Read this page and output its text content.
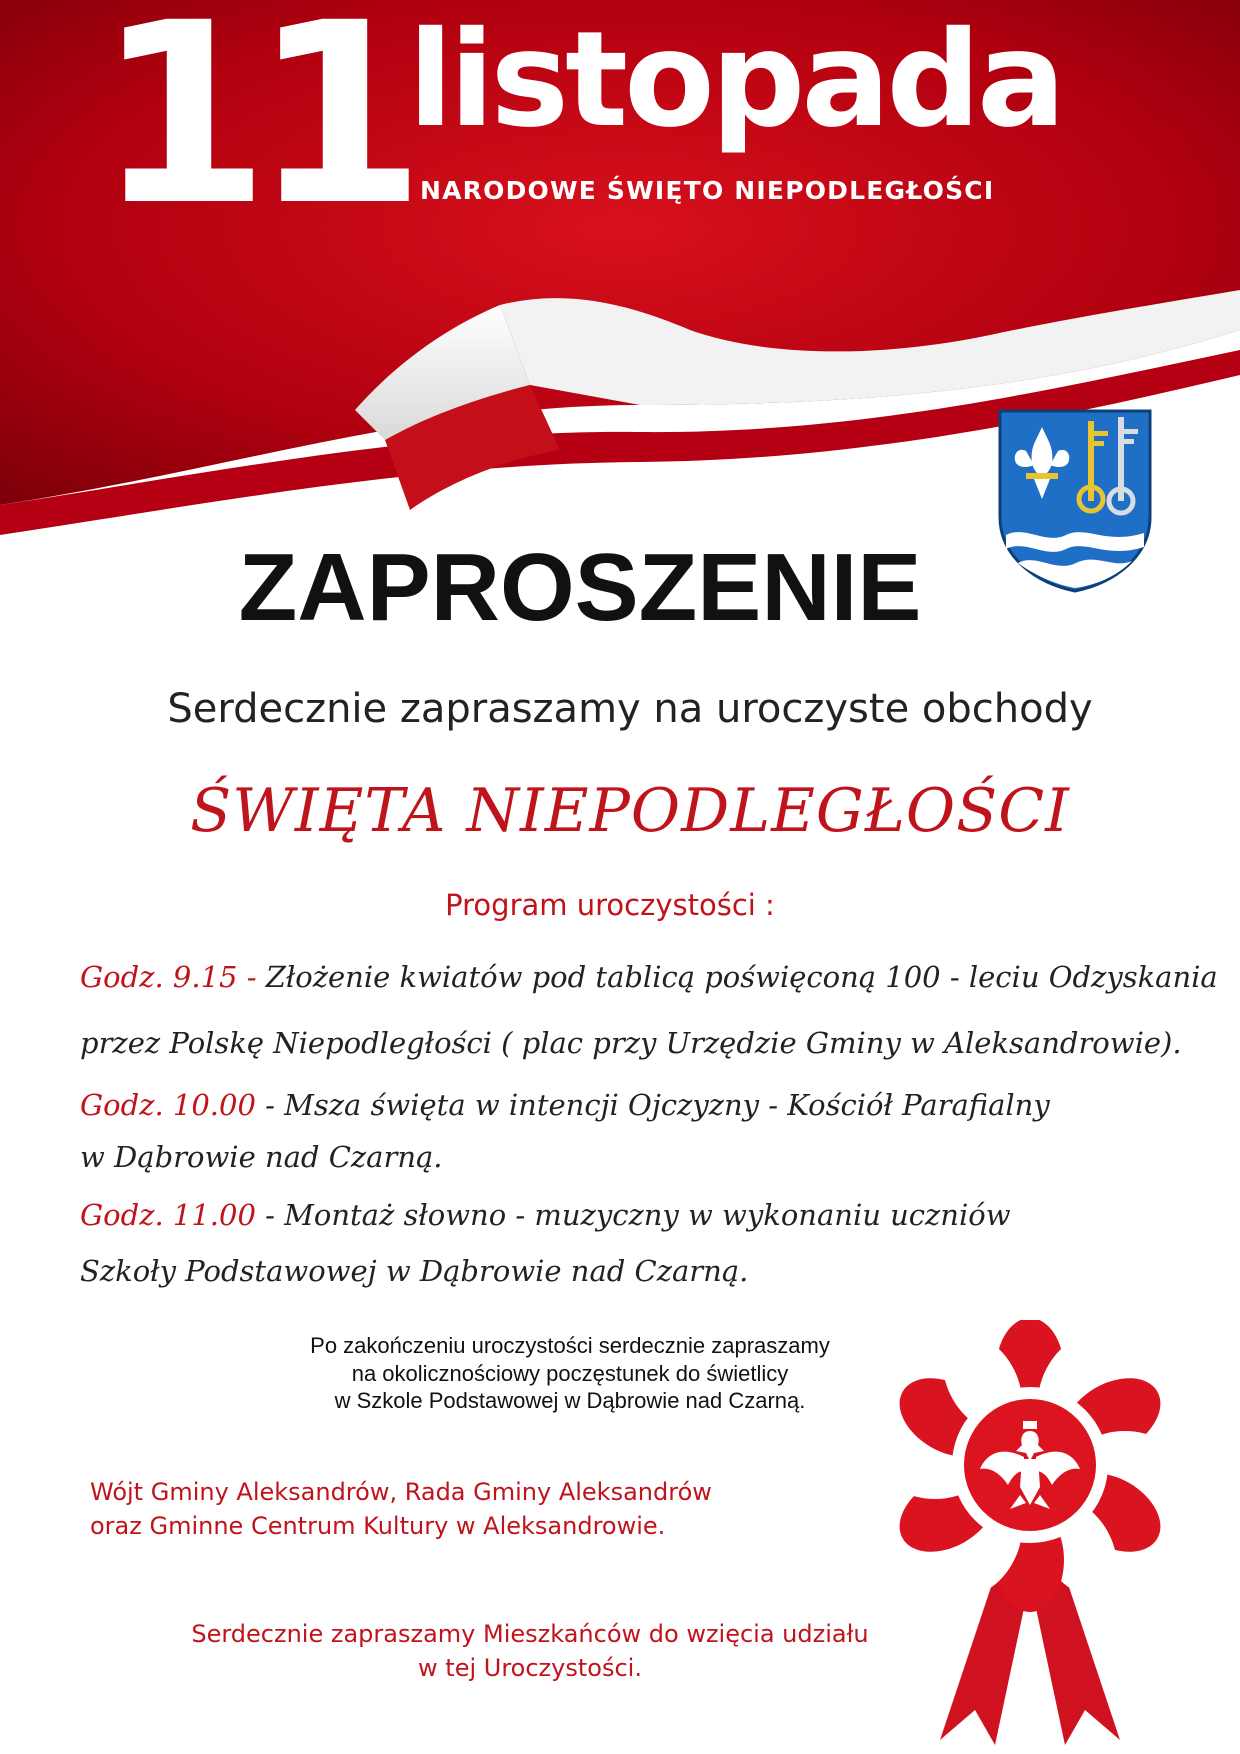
11 listopada
NARODOWE ŚWIĘTO NIEPODLEGŁOŚCI
ZAPROSZENIE
Serdecznie zapraszamy na uroczyste obchody
ŚWIĘTA NIEPODLEGŁOŚCI
Program uroczystości :
Godz. 9.15 - Złożenie kwiatów pod tablicą poświęconą 100 - leciu Odzyskania
przez Polskę Niepodległości ( plac przy Urzędzie Gminy w Aleksandrowie).
Godz. 10.00 - Msza święta w intencji Ojczyzny - Kościół Parafialny
w Dąbrowie nad Czarną.
Godz. 11.00 - Montaż słowno - muzyczny w wykonaniu uczniów
Szkoły Podstawowej w Dąbrowie nad Czarną.
Po zakończeniu uroczystości serdecznie zapraszamy
na okolicznościowy poczęstunek do świetlicy
w Szkole Podstawowej w Dąbrowie nad Czarną.
Wójt Gminy Aleksandrów, Rada Gminy Aleksandrów
oraz Gminne Centrum Kultury w Aleksandrowie.
Serdecznie zapraszamy Mieszkańców do wzięcia udziału
w tej Uroczystości.
